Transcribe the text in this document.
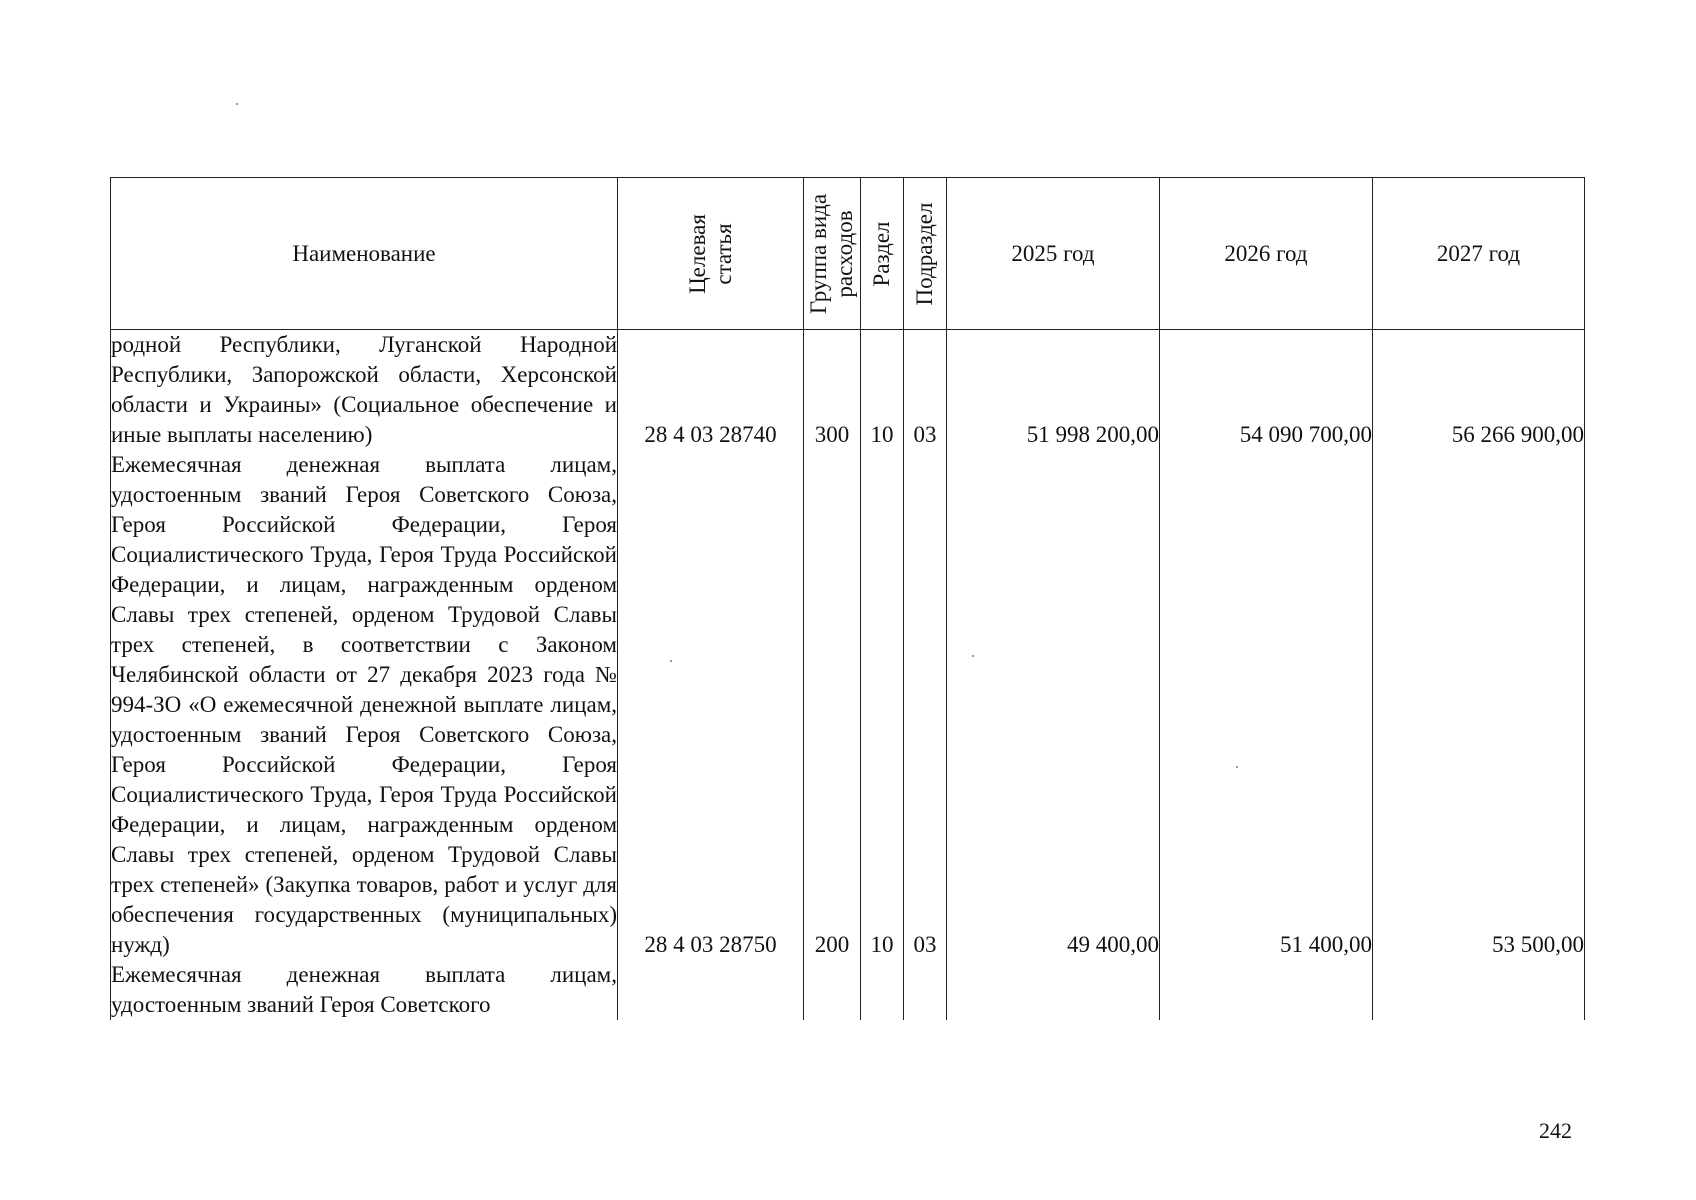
Наименование	Целевая статья	Группа вида расходов	Раздел	Подраздел	2025 год	2026 год	2027 год
родной Республики, Луганской Народной Республики, Запорожской области, Херсонской области и Украины» (Социальное обеспечение и иные выплаты населению)	28 4 03 28740	300	10	03	51 998 200,00	54 090 700,00	56 266 900,00
Ежемесячная денежная выплата лицам, удостоенным званий Героя Советского Союза, Героя Российской Федерации, Героя Социалистического Труда, Героя Труда Российской Федерации, и лицам, награжденным орденом Славы трех степеней, орденом Трудовой Славы трех степеней, в соответствии с Законом Челябинской области от 27 декабря 2023 года № 994-ЗО «О ежемесячной денежной выплате лицам, удостоенным званий Героя Советского Союза, Героя Российской Федерации, Героя Социалистического Труда, Героя Труда Российской Федерации, и лицам, награжденным орденом Славы трех степеней, орденом Трудовой Славы трех степеней» (Закупка товаров, работ и услуг для обеспечения государственных (муниципальных) нужд)	28 4 03 28750	200	10	03	49 400,00	51 400,00	53 500,00
Ежемесячная денежная выплата лицам, удостоенным званий Героя Советского							
242
